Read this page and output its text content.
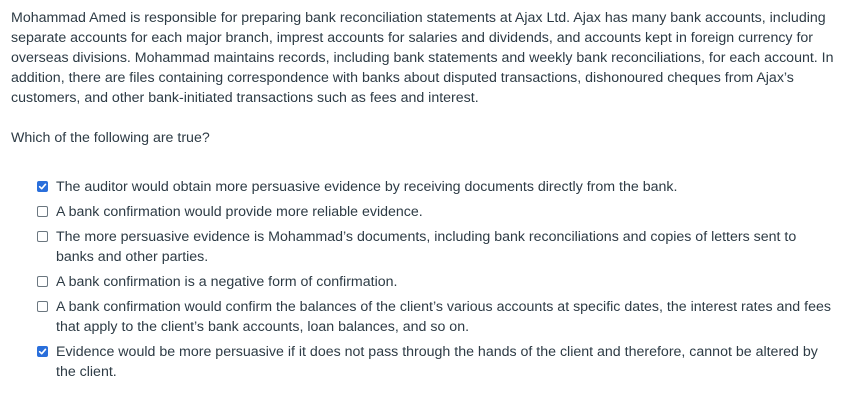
Mohammad Amed is responsible for preparing bank reconciliation statements at Ajax Ltd. Ajax has many bank accounts, including separate accounts for each major branch, imprest accounts for salaries and dividends, and accounts kept in foreign currency for overseas divisions. Mohammad maintains records, including bank statements and weekly bank reconciliations, for each account. In addition, there are files containing correspondence with banks about disputed transactions, dishonoured cheques from Ajax’s customers, and other bank-initiated transactions such as fees and interest.

Which of the following are true?

The auditor would obtain more persuasive evidence by receiving documents directly from the bank.
A bank confirmation would provide more reliable evidence.
The more persuasive evidence is Mohammad’s documents, including bank reconciliations and copies of letters sent to banks and other parties.
A bank confirmation is a negative form of confirmation.
A bank confirmation would confirm the balances of the client’s various accounts at specific dates, the interest rates and fees that apply to the client’s bank accounts, loan balances, and so on.
Evidence would be more persuasive if it does not pass through the hands of the client and therefore, cannot be altered by the client.
